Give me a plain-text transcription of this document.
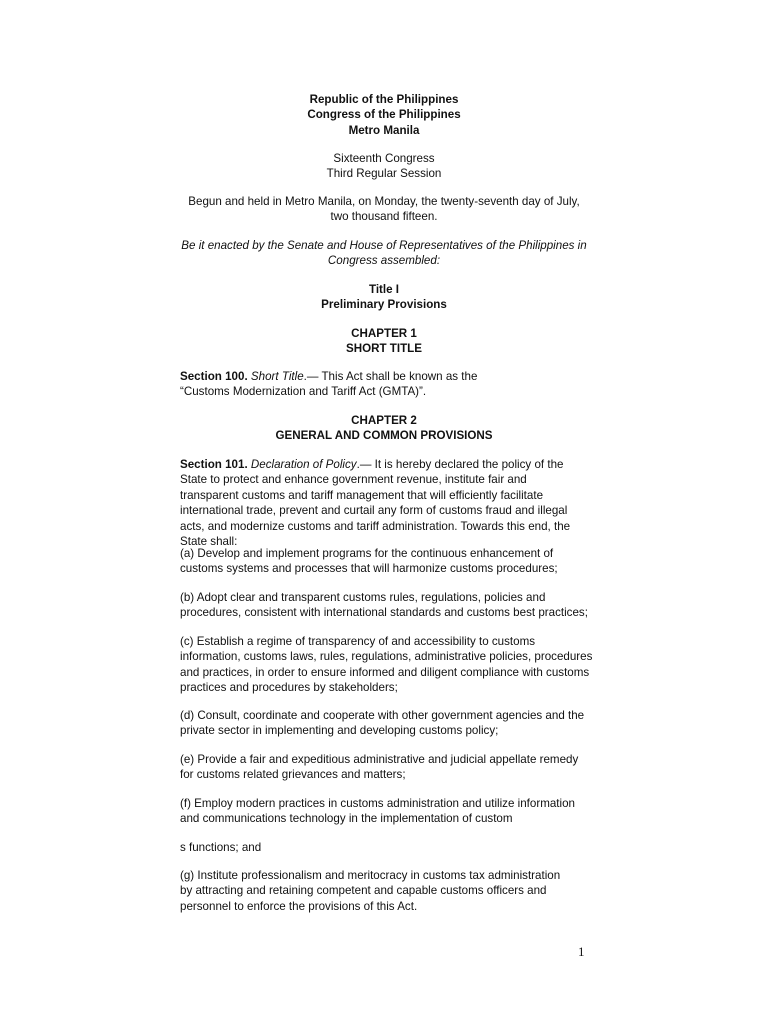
Republic of the Philippines
Congress of the Philippines
Metro Manila
Sixteenth Congress
Third Regular Session
Begun and held in Metro Manila, on Monday, the twenty-seventh day of July, two thousand fifteen.
Be it enacted by the Senate and House of Representatives of the Philippines in Congress assembled:
Title I
Preliminary Provisions
CHAPTER 1
SHORT TITLE
Section 100. Short Title.— This Act shall be known as the “Customs Modernization and Tariff Act (GMTA)”.
CHAPTER 2
GENERAL AND COMMON PROVISIONS
Section 101. Declaration of Policy.— It is hereby declared the policy of the State to protect and enhance government revenue, institute fair and transparent customs and tariff management that will efficiently facilitate international trade, prevent and curtail any form of customs fraud and illegal acts, and modernize customs and tariff administration. Towards this end, the State shall:
(a) Develop and implement programs for the continuous enhancement of customs systems and processes that will harmonize customs procedures;
(b) Adopt clear and transparent customs rules, regulations, policies and procedures, consistent with international standards and customs best practices;
(c) Establish a regime of transparency of and accessibility to customs information, customs laws, rules, regulations, administrative policies, procedures and practices, in order to ensure informed and diligent compliance with customs practices and procedures by stakeholders;
(d) Consult, coordinate and cooperate with other government agencies and the private sector in implementing and developing customs policy;
(e) Provide a fair and expeditious administrative and judicial appellate remedy for customs related grievances and matters;
(f) Employ modern practices in customs administration and utilize information and communications technology in the implementation of custom
s functions; and
(g) Institute professionalism and meritocracy in customs tax administration by attracting and retaining competent and capable customs officers and personnel to enforce the provisions of this Act.
1
